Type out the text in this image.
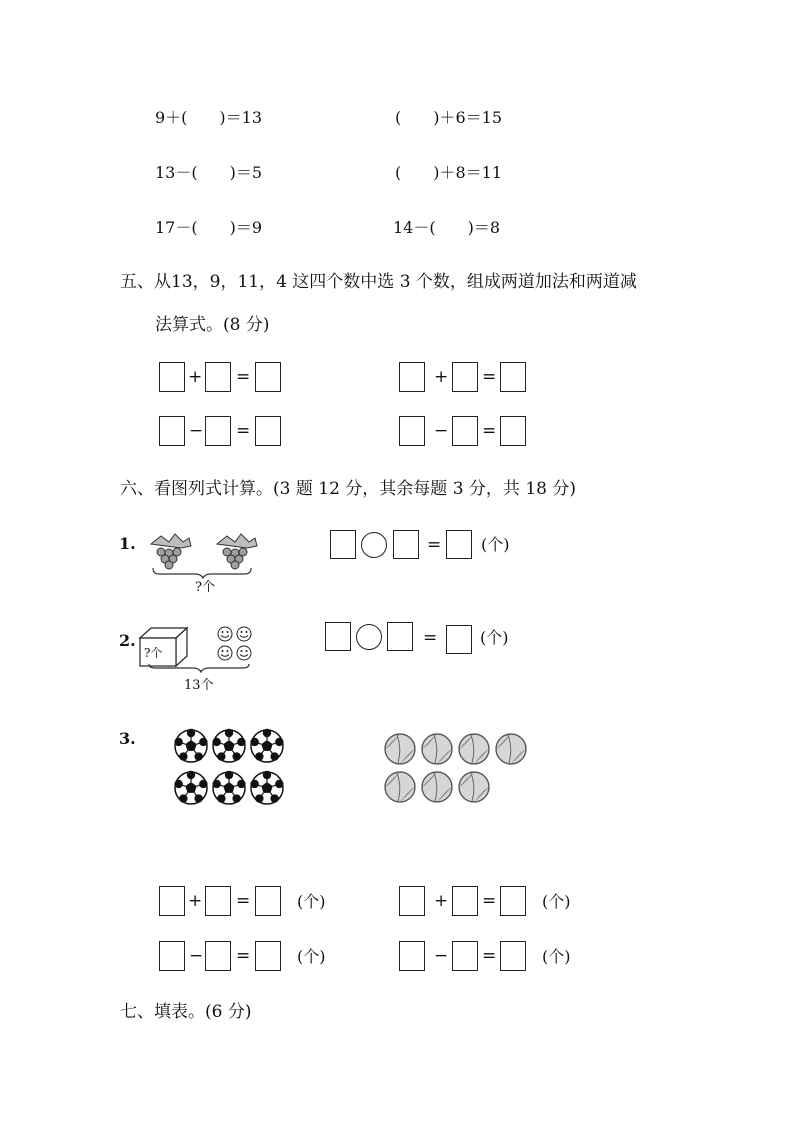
9＋(　　)＝13	(　　)＋6＝15
13－(　　)＝5	(　　)＋8＝11
17－(　　)＝9	14－(　　)＝8
五、从13，9，11，4 这四个数中选 3 个数，组成两道加法和两道减
法算式。(8 分)
+ =	+ =
− =	− =
六、看图列式计算。(3 题 12 分，其余每题 3 分，共 18 分)
1.
?个
= (个)
2.
?个
13个
=	(个)
3.
+ =	(个)	+ =	(个)
− =	(个)	− =	(个)
七、填表。(6 分)
